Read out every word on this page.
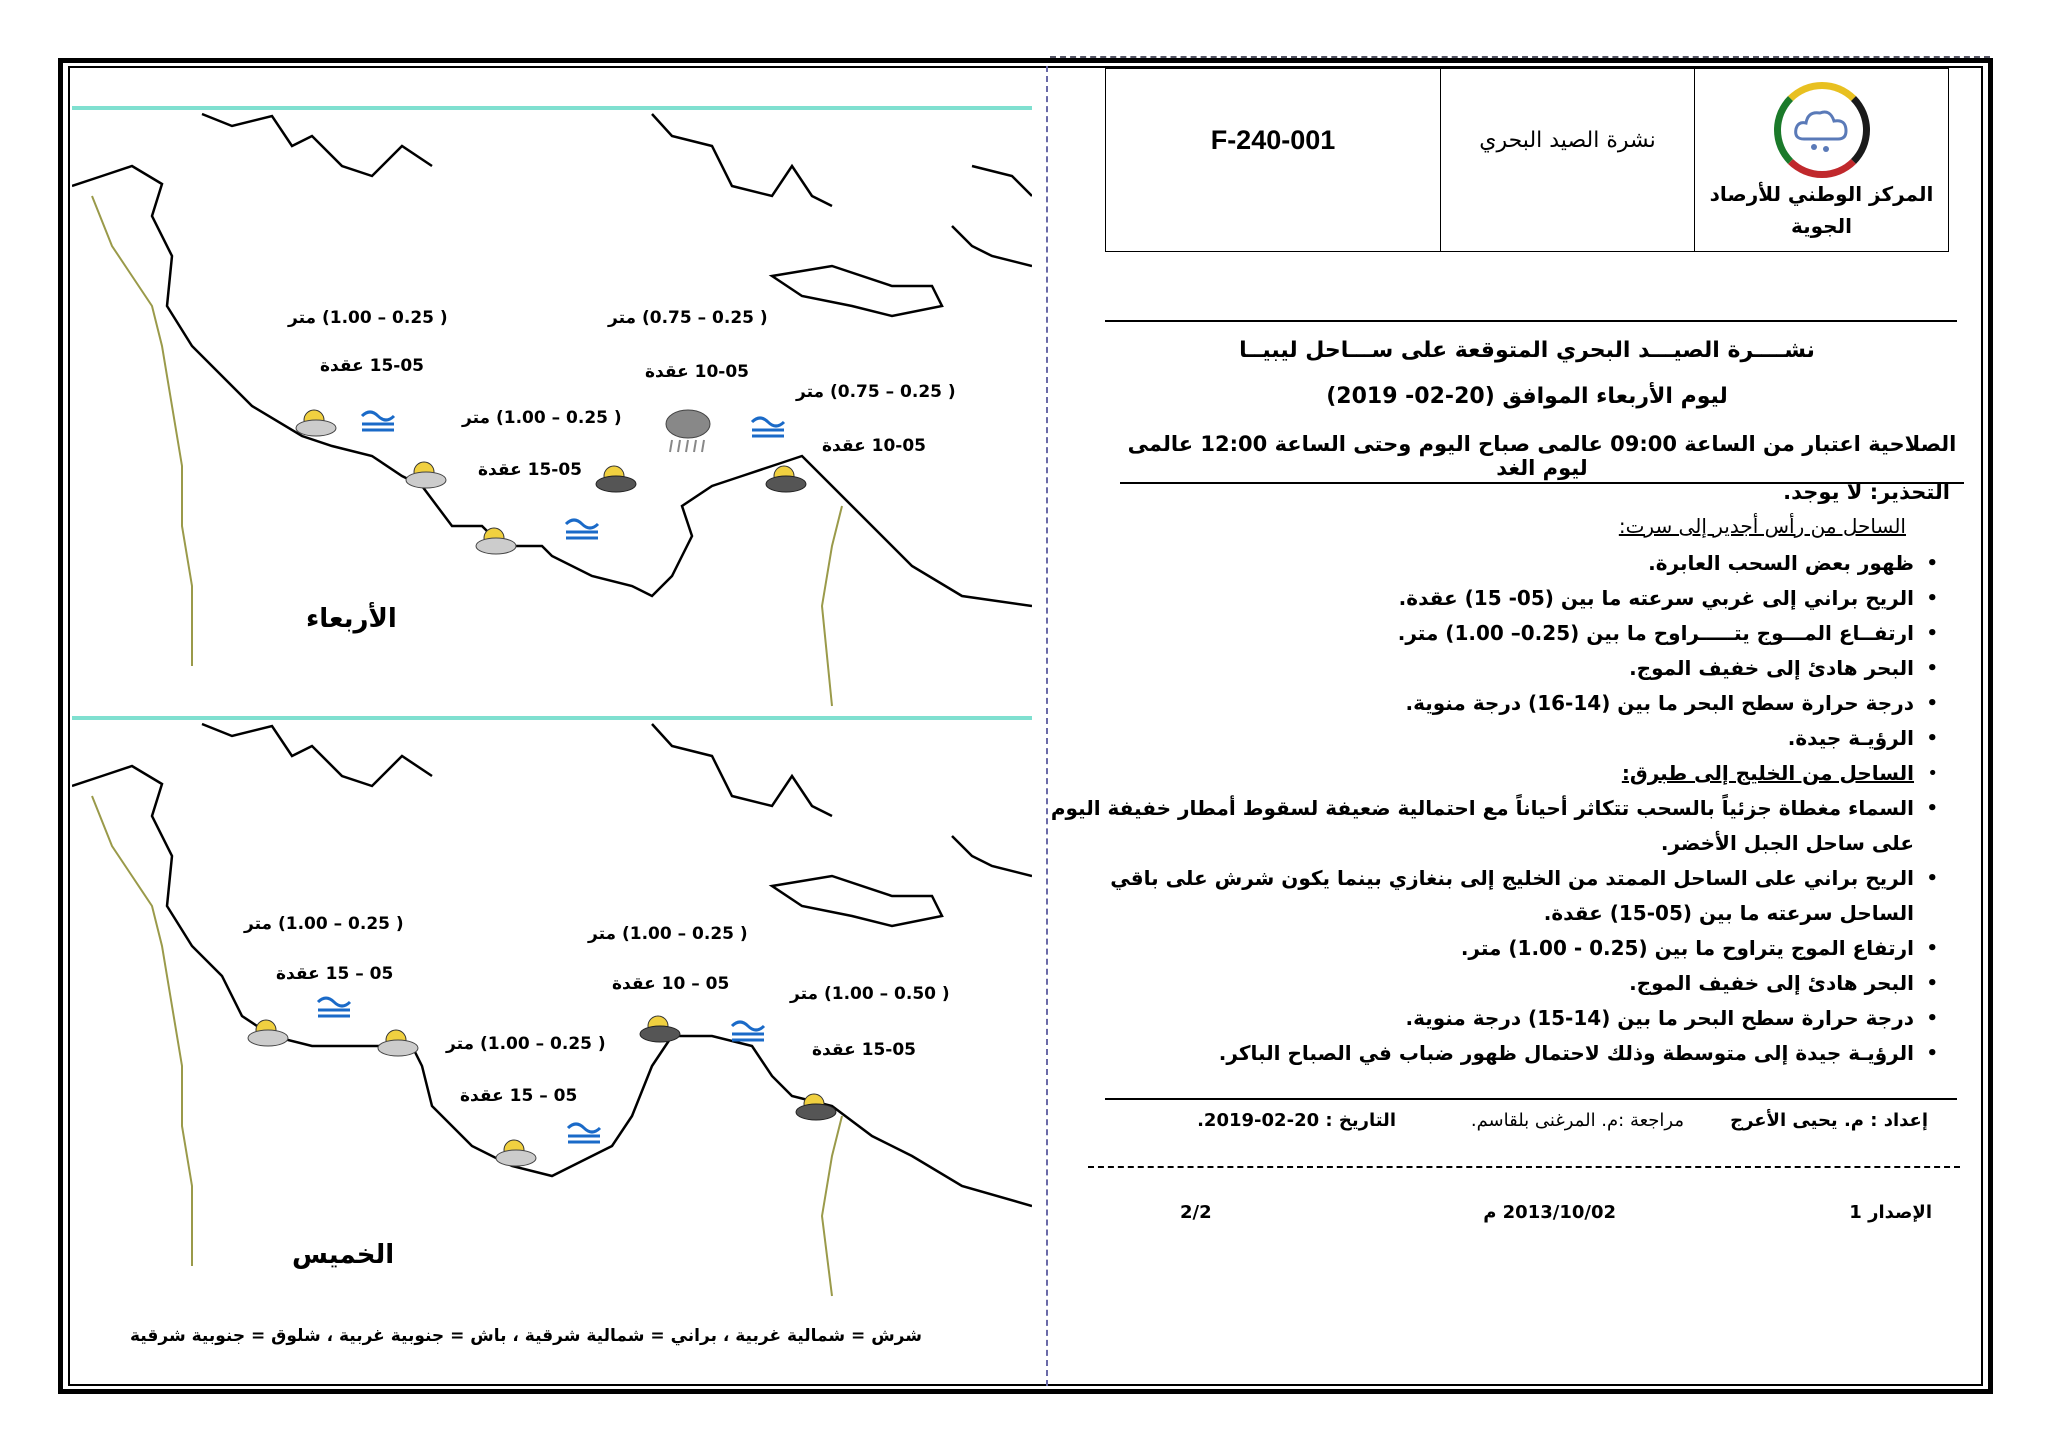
المركز الوطني للأرصاد
الجوية
نشرة الصيد البحري
F-240-001
نشــــرة الصيـــد البحري المتوقعة على ســـاحل ليبيــا
ليوم الأربعاء الموافق (20-02- 2019)
الصلاحية اعتبار من الساعة 09:00 عالمى صباح اليوم وحتى الساعة 12:00 عالمى ليوم الغد
التحذير: لا يوجد.
الساحل من رأس أجدير إلى سرت:
• ظهور بعض السحب العابرة.
• الريح براني إلى غربي سرعته ما بين (05- 15) عقدة.
• ارتفــاع المـــوج يتـــــراوح ما بين (0.25– 1.00) متر.
• البحر هادئ إلى خفيف الموج.
• درجة حرارة سطح البحر ما بين (14-16) درجة منوية.
• الرؤيـة جيدة.
• الساحل من الخليج إلى طبرق:
• السماء مغطاة جزئياً بالسحب تتكاثر أحياناً مع احتمالية ضعيفة لسقوط أمطار خفيفة اليوم على ساحل الجبل الأخضر.
• الريح براني على الساحل الممتد من الخليج إلى بنغازي بينما يكون شرش على باقي الساحل سرعته ما بين (05-15) عقدة.
• ارتفاع الموج يتراوح ما بين (0.25 - 1.00) متر.
• البحر هادئ إلى خفيف الموج.
• درجة حرارة سطح البحر ما بين (14-15) درجة منوية.
• الرؤيـة جيدة إلى متوسطة وذلك لاحتمال ظهور ضباب في الصباح الباكر.
إعداد : م. يحيى الأعرج
مراجعة :م. المرغنى بلقاسم.
التاريخ : 20-02-2019.
الإصدار 1
2013/10/02 م
2/2
( 0.25 – 1.00) متر
15-05 عقدة
( 0.25 – 0.75) متر
10-05 عقدة
( 0.25 – 1.00) متر
15-05 عقدة
( 0.25 – 0.75) متر
10-05 عقدة
الأربعاء
( 0.25 – 1.00) متر
05 – 15 عقدة
( 0.25 – 1.00) متر
05 – 10 عقدة	( 0.50 – 1.00) متر
15-05 عقدة
( 0.25 – 1.00) متر
05 – 15 عقدة
الخميس
شرش = شمالية غربية ، براني = شمالية شرقية ، باش = جنوبية غربية ، شلوق = جنوبية شرقية
